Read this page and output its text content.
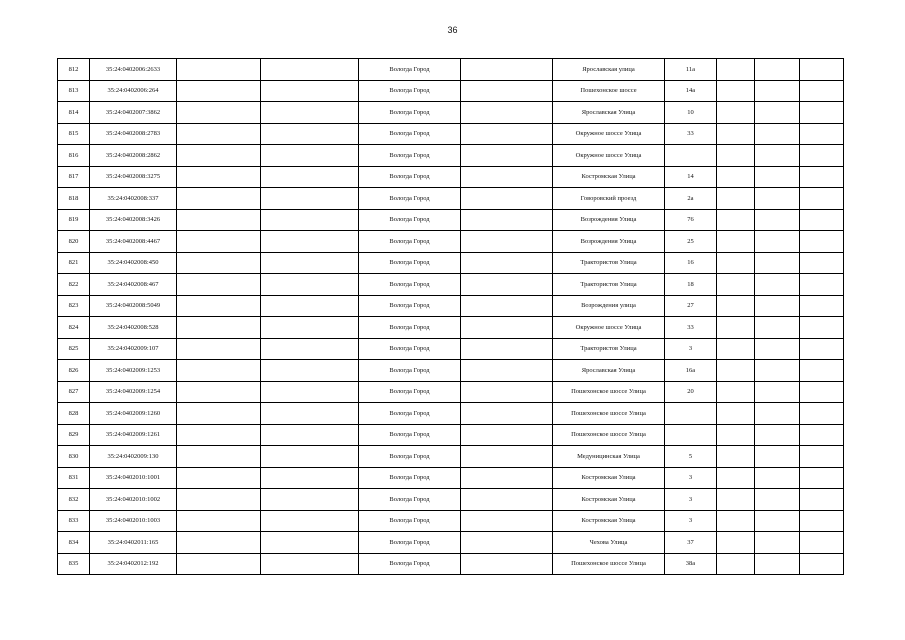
36
812	35:24:0402006:2633			Вологда Город		Ярославская улица	11а			
813	35:24:0402006:264			Вологда Город		Пошехонское шоссе	14а			
814	35:24:0402007:3862			Вологда Город		Ярославская Улица	10			
815	35:24:0402008:2783			Вологда Город		Окружное шоссе Улица	33			
816	35:24:0402008:2862			Вологда Город		Окружное шоссе Улица				
817	35:24:0402008:3275			Вологда Город		Костромская Улица	14			
818	35:24:0402008:337			Вологда Город		Говоровский проезд	2а			
819	35:24:0402008:3426			Вологда Город		Возрождения Улица	76			
820	35:24:0402008:4467			Вологда Город		Возрождения Улица	25			
821	35:24:0402008:450			Вологда Город		Трактористов Улица	16			
822	35:24:0402008:467			Вологда Город		Трактористов Улица	18			
823	35:24:0402008:5049			Вологда Город		Возрождения улица	27			
824	35:24:0402008:528			Вологда Город		Окружное шоссе Улица	33			
825	35:24:0402009:107			Вологда Город		Трактористов Улица	3			
826	35:24:0402009:1253			Вологда Город		Ярославская Улица	16а			
827	35:24:0402009:1254			Вологда Город		Пошехонское шоссе Улица	20			
828	35:24:0402009:1260			Вологда Город		Пошехонское шоссе Улица				
829	35:24:0402009:1261			Вологда Город		Пошехонское шоссе Улица				
830	35:24:0402009:130			Вологда Город		Медуницинская Улица	5			
831	35:24:0402010:1001			Вологда Город		Костромская Улица	3			
832	35:24:0402010:1002			Вологда Город		Костромская Улица	3			
833	35:24:0402010:1003			Вологда Город		Костромская Улица	3			
834	35:24:0402011:165			Вологда Город		Чехова Улица	37			
835	35:24:0402012:192			Вологда Город		Пошехонское шоссе Улица	38а			
